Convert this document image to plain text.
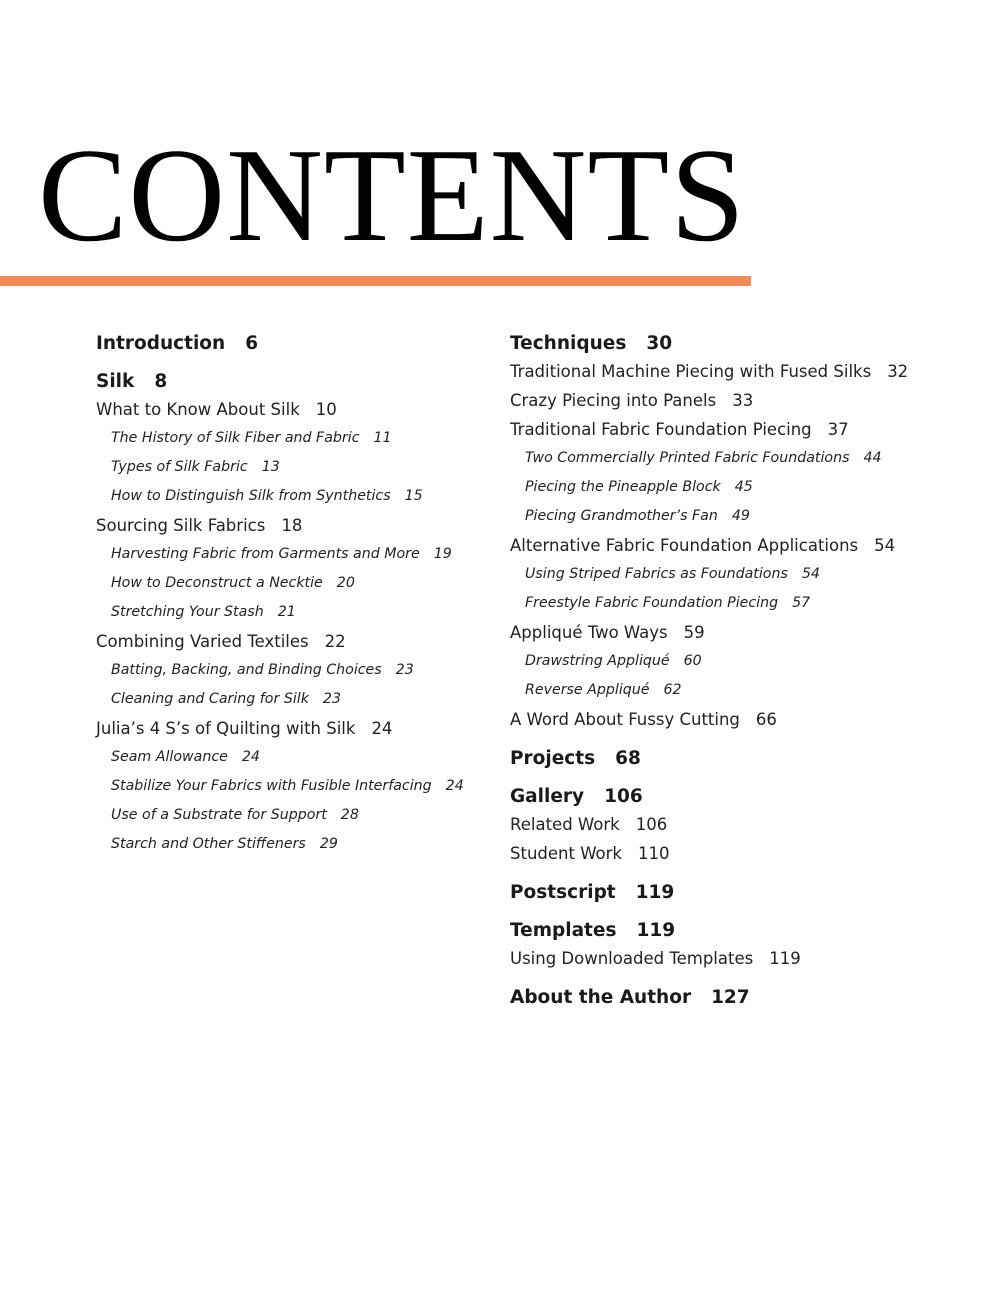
CONTENTS
Introduction 6
Silk 8
What to Know About Silk 10
The History of Silk Fiber and Fabric 11
Types of Silk Fabric 13
How to Distinguish Silk from Synthetics 15
Sourcing Silk Fabrics 18
Harvesting Fabric from Garments and More 19
How to Deconstruct a Necktie 20
Stretching Your Stash 21
Combining Varied Textiles 22
Batting, Backing, and Binding Choices 23
Cleaning and Caring for Silk 23
Julia’s 4 S’s of Quilting with Silk 24
Seam Allowance 24
Stabilize Your Fabrics with Fusible Interfacing 24
Use of a Substrate for Support 28
Starch and Other Stiffeners 29
Techniques 30
Traditional Machine Piecing with Fused Silks 32
Crazy Piecing into Panels 33
Traditional Fabric Foundation Piecing 37
Two Commercially Printed Fabric Foundations 44
Piecing the Pineapple Block 45
Piecing Grandmother’s Fan 49
Alternative Fabric Foundation Applications 54
Using Striped Fabrics as Foundations 54
Freestyle Fabric Foundation Piecing 57
Appliqué Two Ways 59
Drawstring Appliqué 60
Reverse Appliqué 62
A Word About Fussy Cutting 66
Projects 68
Gallery 106
Related Work 106
Student Work 110
Postscript 119
Templates 119
Using Downloaded Templates 119
About the Author 127
